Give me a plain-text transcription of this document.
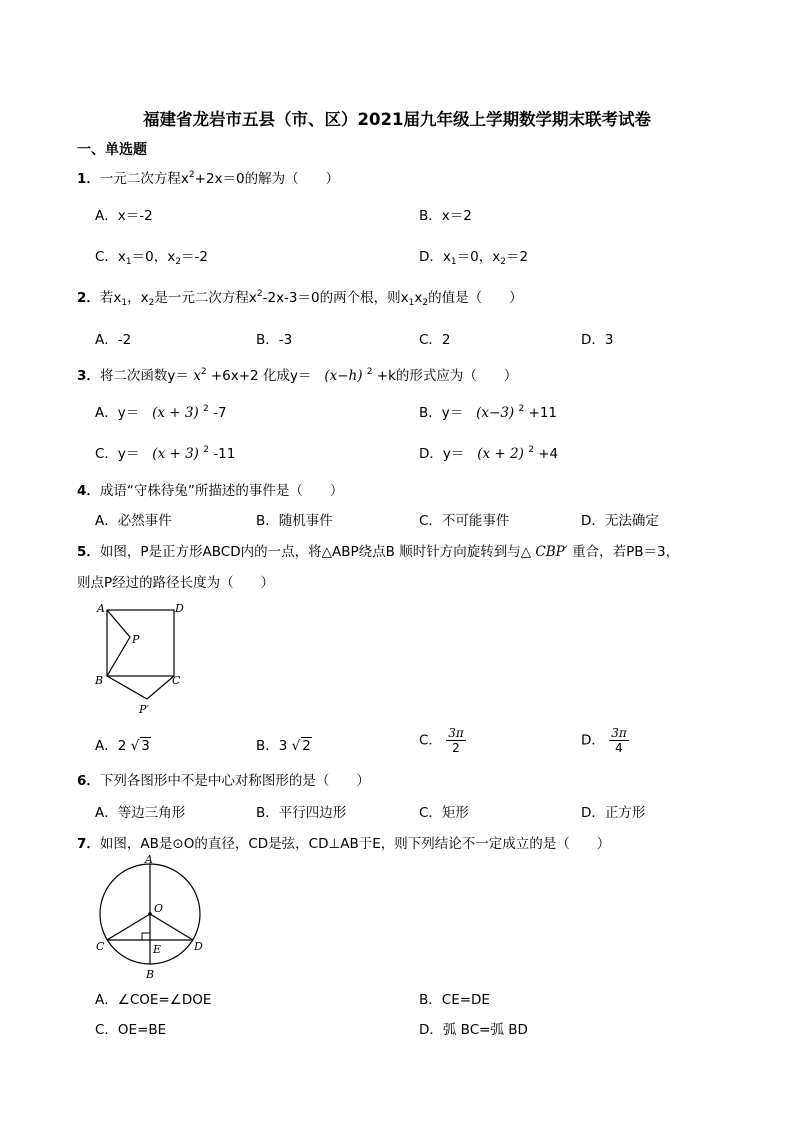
福建省龙岩市五县（市、区）2021届九年级上学期数学期末联考试卷
一、单选题
1．一元二次方程$x^2+2x=0$的解为（　　）
A．x＝-2	B．x＝2
C．$x_1=0$，$x_2=-2$	D．$x_1=0$，$x_2=2$
2．若$x_1$，$x_2$是一元二次方程$x^2-2x-3=0$的两个根，则$x_1x_2$的值是（　　）
A．-2	B．-3	C．2	D．3
3．将二次函数$y= x^2 +6x+2$ 化成y＝ (x−h) $^2$ +k的形式应为（　　）
A．y＝ (x + 3) $^2$ -7	B．y＝ (x−3) $^2$ +11
C．y＝ (x + 3) $^2$ -11	D．y＝ (x + 2) $^2$ +4
4．成语“守株待兔”所描述的事件是（　　）
A．必然事件	B．随机事件	C．不可能事件	D．无法确定
5．如图，P是正方形ABCD内的一点，将△ABP绕点B 顺时针方向旋转到与△ CBP′ 重合，若PB＝3，
则点P经过的路径长度为（　　）
A	D
P
B	C
P′
A．2 √ 3	B．3 √ 2	C． $\frac{3\pi}{2}$	D． $\frac{3\pi}{4}$
6．下列各图形中不是中心对称图形的是（　　）
A．等边三角形	B．平行四边形	C．矩形	D．正方形
7．如图，AB是⊙O的直径，CD是弦，CD⊥AB于E，则下列结论不一定成立的是（　　）
A
O
C	D
E
B
A．∠COE=∠DOE	B．CE=DE
C．OE=BE	D．弧 BC=弧 BD
